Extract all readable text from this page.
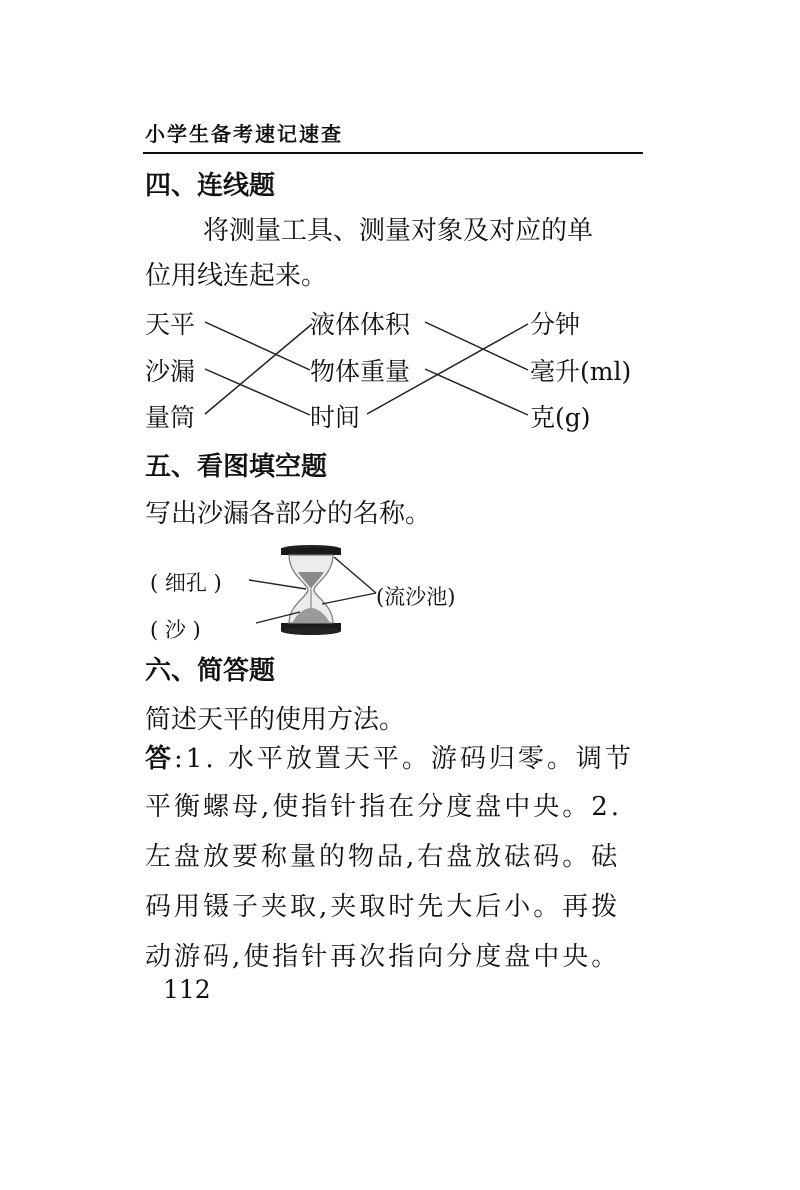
小学生备考速记速查
四、连线题
将测量工具、测量对象及对应的单
位用线连起来。
天平
沙漏
量筒
液体体积
物体重量
时间
分钟
毫升(ml)
克(g)
五、看图填空题
写出沙漏各部分的名称。
( 细孔 )
( 沙 )
(流沙池)
六、简答题
简述天平的使用方法。
答:1. 水平放置天平。游码归零。调节
平衡螺母,使指针指在分度盘中央。2.
左盘放要称量的物品,右盘放砝码。砝
码用镊子夹取,夹取时先大后小。再拨
动游码,使指针再次指向分度盘中央。
112
